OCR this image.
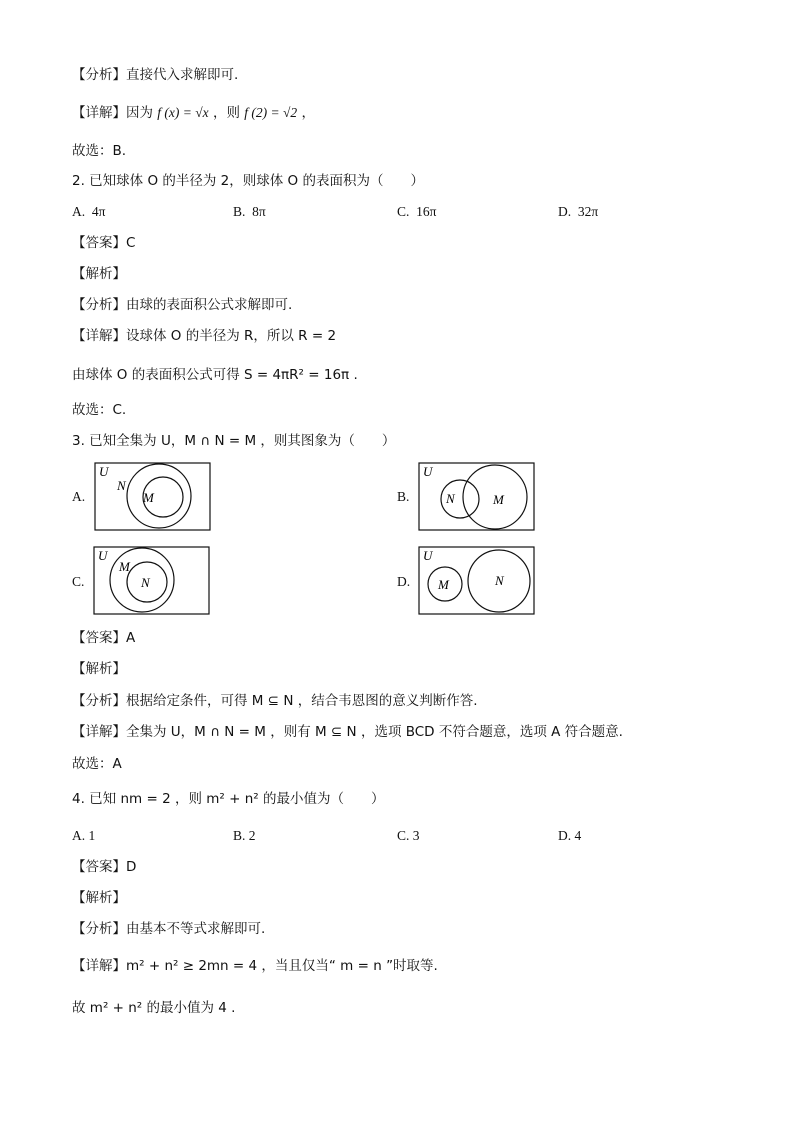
【分析】直接代入求解即可.
【详解】因为 f (x) = √x ，则 f (2) = √2 ，
故选：B.
2. 已知球体 O 的半径为 2，则球体 O 的表面积为（　　）
A. 4π	B. 8π	C. 16π	D. 32π
【答案】C
【解析】
【分析】由球的表面积公式求解即可.
【详解】设球体 O 的半径为 R，所以 R = 2
由球体 O 的表面积公式可得 S = 4πR² = 16π .
故选：C.
3. 已知全集为 U，M ∩ N = M ，则其图象为（　　）
A.	B.
C.	D.
U
N
M
U
N	M
U
M
N
U
M	N
【答案】A
【解析】
【分析】根据给定条件，可得 M ⊆ N ，结合韦恩图的意义判断作答.
【详解】全集为 U，M ∩ N = M ，则有 M ⊆ N ，选项 BCD 不符合题意，选项 A 符合题意.
故选：A
4. 已知 nm = 2 ，则 m² + n² 的最小值为（　　）
A. 1	B. 2	C. 3	D. 4
【答案】D
【解析】
【分析】由基本不等式求解即可.
【详解】m² + n² ≥ 2mn = 4 ，当且仅当“ m = n ”时取等.
故 m² + n² 的最小值为 4 .
